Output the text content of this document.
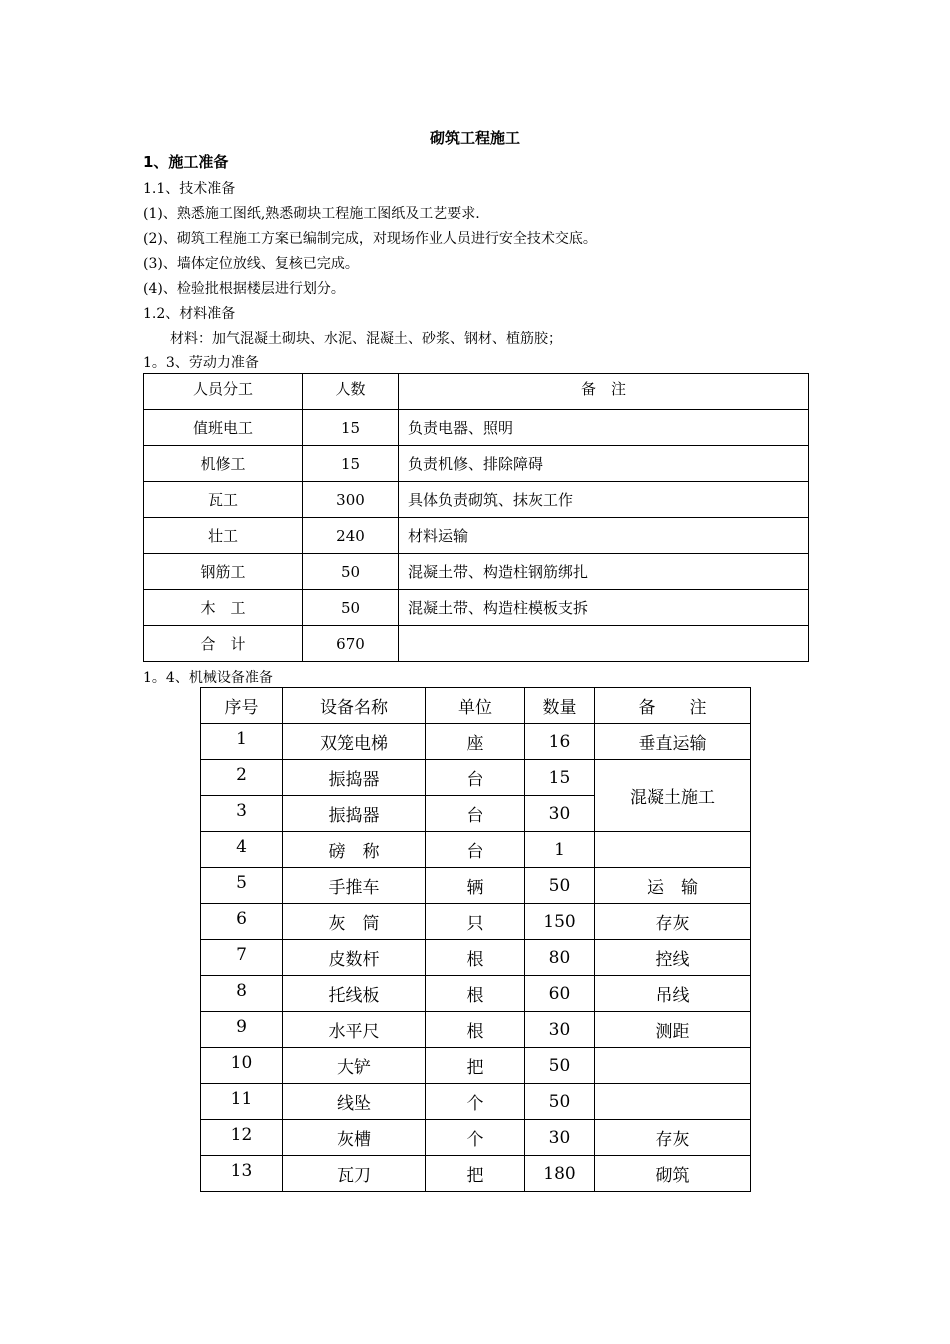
砌筑工程施工
1、施工准备
1.1、技术准备
(1)、熟悉施工图纸,熟悉砌块工程施工图纸及工艺要求.
(2)、砌筑工程施工方案已编制完成，对现场作业人员进行安全技术交底。
(3)、墙体定位放线、复核已完成。
(4)、检验批根据楼层进行划分。
1.2、材料准备
材料：加气混凝土砌块、水泥、混凝土、砂浆、钢材、植筋胶；
1。3、劳动力准备
人员分工	人数	备　注
值班电工	15	负责电器、照明
机修工	15	负责机修、排除障碍
瓦工	300	具体负责砌筑、抹灰工作
壮工	240	材料运输
钢筋工	50	混凝土带、构造柱钢筋绑扎
木　工	50	混凝土带、构造柱模板支拆
合　计	670	
1。4、机械设备准备
序号	设备名称	单位	数量	备　　注
1	双笼电梯	座	16	垂直运输
2	振捣器	台	15	混凝土施工
3	振捣器	台	30	
4	磅　称	台	1	
5	手推车	辆	50	运　输
6	灰　筒	只	150	存灰
7	皮数杆	根	80	控线
8	托线板	根	60	吊线
9	水平尺	根	30	测距
10	大铲	把	50	
11	线坠	个	50	
12	灰槽	个	30	存灰
13	瓦刀	把	180	砌筑
